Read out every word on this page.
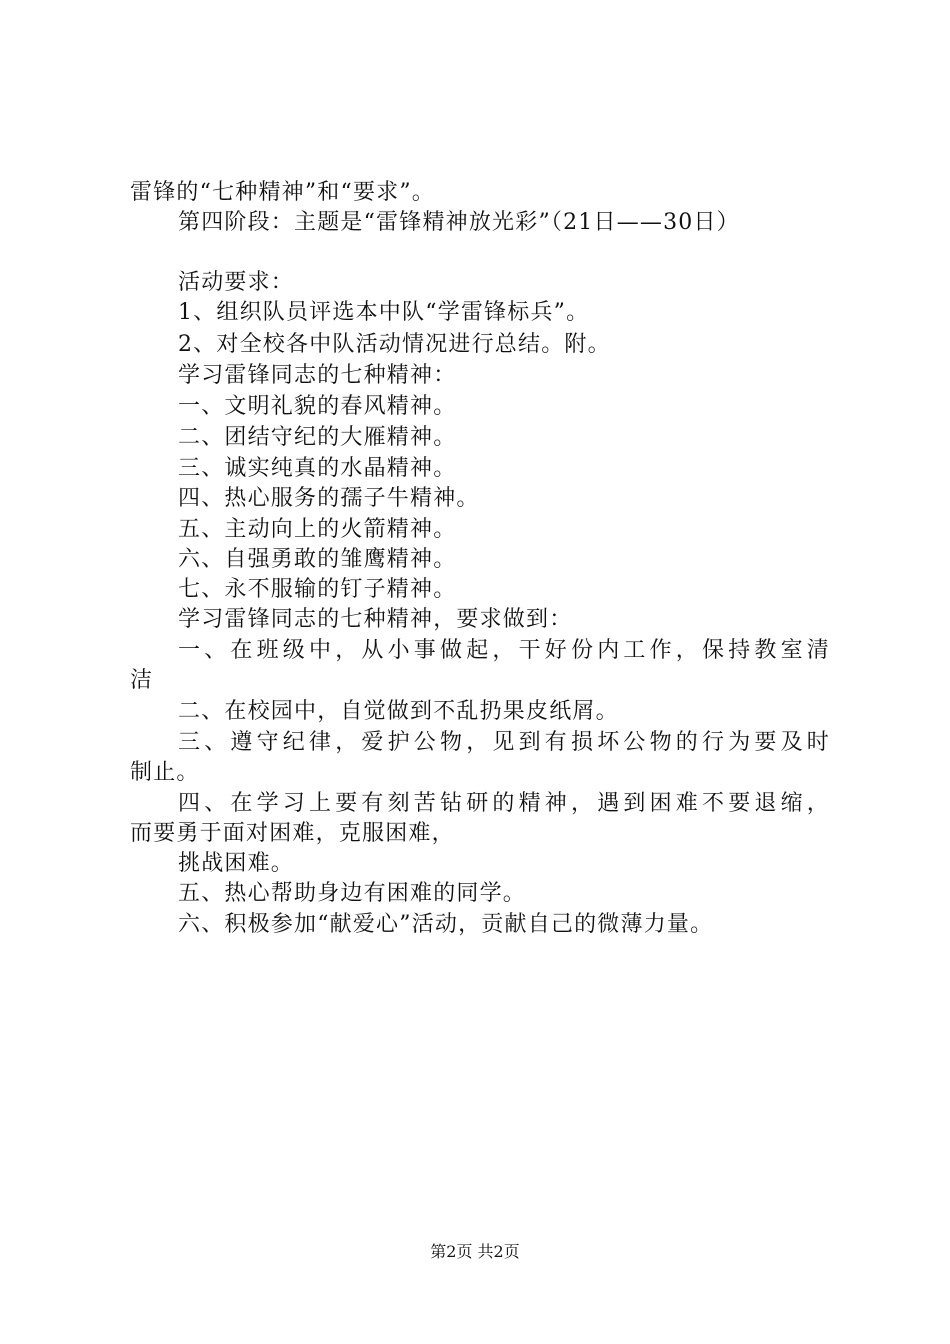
雷锋的“七种精神”和“要求”。
第四阶段：主题是“雷锋精神放光彩”（21日——30日）
活动要求：
1、组织队员评选本中队“学雷锋标兵”。
2、对全校各中队活动情况进行总结。附。
学习雷锋同志的七种精神：
一、文明礼貌的春风精神。
二、团结守纪的大雁精神。
三、诚实纯真的水晶精神。
四、热心服务的孺子牛精神。
五、主动向上的火箭精神。
六、自强勇敢的雏鹰精神。
七、永不服输的钉子精神。
学习雷锋同志的七种精神，要求做到：
一、在班级中，从小事做起，干好份内工作，保持教室清
洁
二、在校园中，自觉做到不乱扔果皮纸屑。
三、遵守纪律，爱护公物，见到有损坏公物的行为要及时
制止。
四、在学习上要有刻苦钻研的精神，遇到困难不要退缩，
而要勇于面对困难，克服困难，
挑战困难。
五、热心帮助身边有困难的同学。
六、积极参加“献爱心”活动，贡献自己的微薄力量。
第2页 共2页
